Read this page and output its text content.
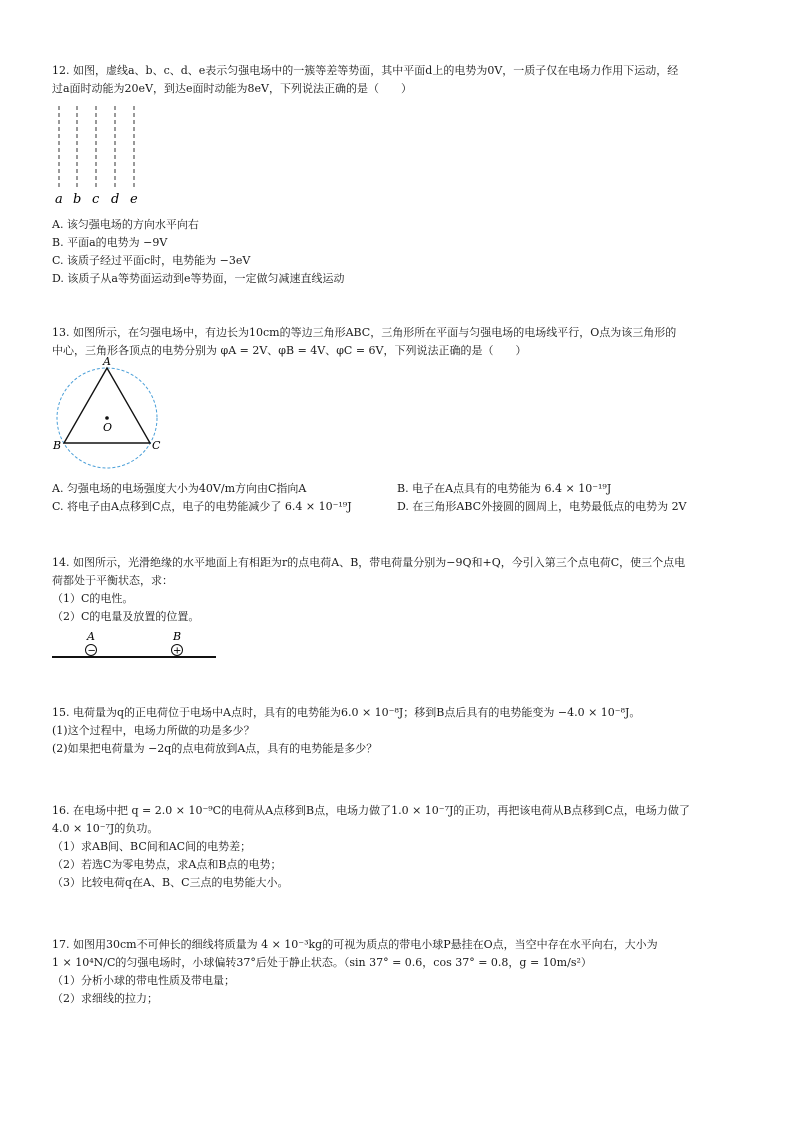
12. 如图，虚线a、b、c、d、e表示匀强电场中的一簇等差等势面，其中平面d上的电势为0V，一质子仅在电场力作用下运动，经
过a面时动能为20eV，到达e面时动能为8eV，下列说法正确的是（　　）
a b c d e
A. 该匀强电场的方向水平向右
B. 平面a的电势为 −9V
C. 该质子经过平面c时，电势能为 −3eV
D. 该质子从a等势面运动到e等势面，一定做匀减速直线运动
13. 如图所示，在匀强电场中，有边长为10cm的等边三角形ABC，三角形所在平面与匀强电场的电场线平行，O点为该三角形的
中心，三角形各顶点的电势分别为 φA = 2V、φB = 4V、φC = 6V，下列说法正确的是（　　）
A
B	C
O
A. 匀强电场的电场强度大小为40V/m方向由C指向A	B. 电子在A点具有的电势能为 6.4 × 10⁻¹⁹J
C. 将电子由A点移到C点，电子的电势能减少了 6.4 × 10⁻¹⁹J	D. 在三角形ABC外接圆的圆周上，电势最低点的电势为 2V
14. 如图所示，光滑绝缘的水平地面上有相距为r的点电荷A、B，带电荷量分别为−9Q和+Q，今引入第三个点电荷C，使三个点电
荷都处于平衡状态，求：
（1）C的电性。
（2）C的电量及放置的位置。
A	B
−	+
15. 电荷量为q的正电荷位于电场中A点时，具有的电势能为6.0 × 10⁻⁸J；移到B点后具有的电势能变为 −4.0 × 10⁻⁸J。
(1)这个过程中，电场力所做的功是多少？
(2)如果把电荷量为 −2q的点电荷放到A点，具有的电势能是多少？
16. 在电场中把 q = 2.0 × 10⁻⁹C的电荷从A点移到B点，电场力做了1.0 × 10⁻⁷J的正功，再把该电荷从B点移到C点，电场力做了
4.0 × 10⁻⁷J的负功。
（1）求AB间、BC间和AC间的电势差；
（2）若选C为零电势点，求A点和B点的电势；
（3）比较电荷q在A、B、C三点的电势能大小。
17. 如图用30cm不可伸长的细线将质量为 4 × 10⁻³kg的可视为质点的带电小球P悬挂在O点，当空中存在水平向右，大小为
1 × 10⁴N/C的匀强电场时，小球偏转37°后处于静止状态。（sin 37° = 0.6，cos 37° = 0.8，g = 10m/s²）
（1）分析小球的带电性质及带电量；
（2）求细线的拉力；
